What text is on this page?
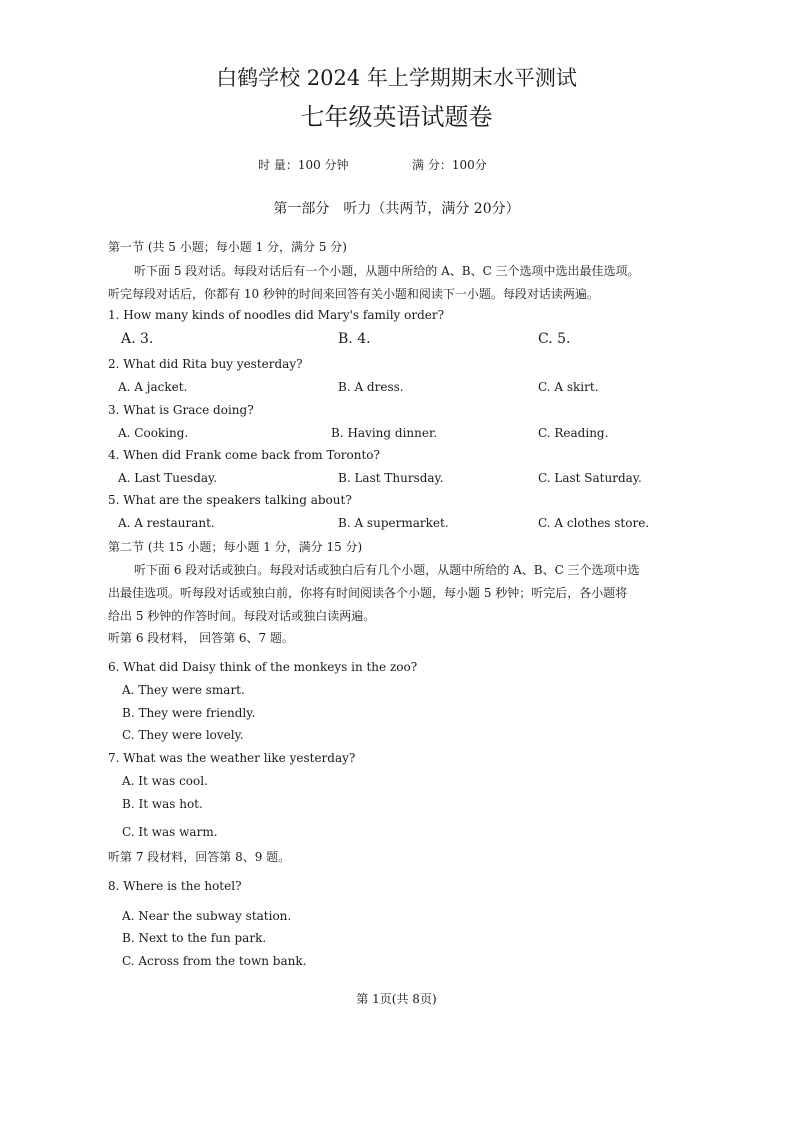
白鹤学校 2024 年上学期期末水平测试
七年级英语试题卷
时 量：100 分钟	满 分：100分
第一部分　听力（共两节，满分 20分）
第一节 (共 5 小题；每小题 1 分，满分 5 分)
听下面 5 段对话。每段对话后有一个小题，从题中所给的 A、B、C 三个选项中选出最佳选项。
听完每段对话后，你都有 10 秒钟的时间来回答有关小题和阅读下一小题。每段对话读两遍。
1. How many kinds of noodles did Mary's family order?
A. 3.	B. 4.	C. 5.
2. What did Rita buy yesterday?
A. A jacket.	B. A dress.	C. A skirt.
3. What is Grace doing?
A. Cooking.	B. Having dinner.	C. Reading.
4. When did Frank come back from Toronto?
A. Last Tuesday.	B. Last Thursday.	C. Last Saturday.
5. What are the speakers talking about?
A. A restaurant.	B. A supermarket.	C. A clothes store.
第二节 (共 15 小题；每小题 1 分，满分 15 分)
听下面 6 段对话或独白。每段对话或独白后有几个小题，从题中所给的 A、B、C 三个选项中选
出最佳选项。听每段对话或独白前，你将有时间阅读各个小题，每小题 5 秒钟；听完后，各小题将
给出 5 秒钟的作答时间。每段对话或独白读两遍。
听第 6 段材料， 回答第 6、7 题。
6. What did Daisy think of the monkeys in the zoo?
A. They were smart.
B. They were friendly.
C. They were lovely.
7. What was the weather like yesterday?
A. It was cool.
B. It was hot.
C. It was warm.
听第 7 段材料，回答第 8、9 题。
8. Where is the hotel?
A. Near the subway station.
B. Next to the fun park.
C. Across from the town bank.
第 1页(共 8页)
